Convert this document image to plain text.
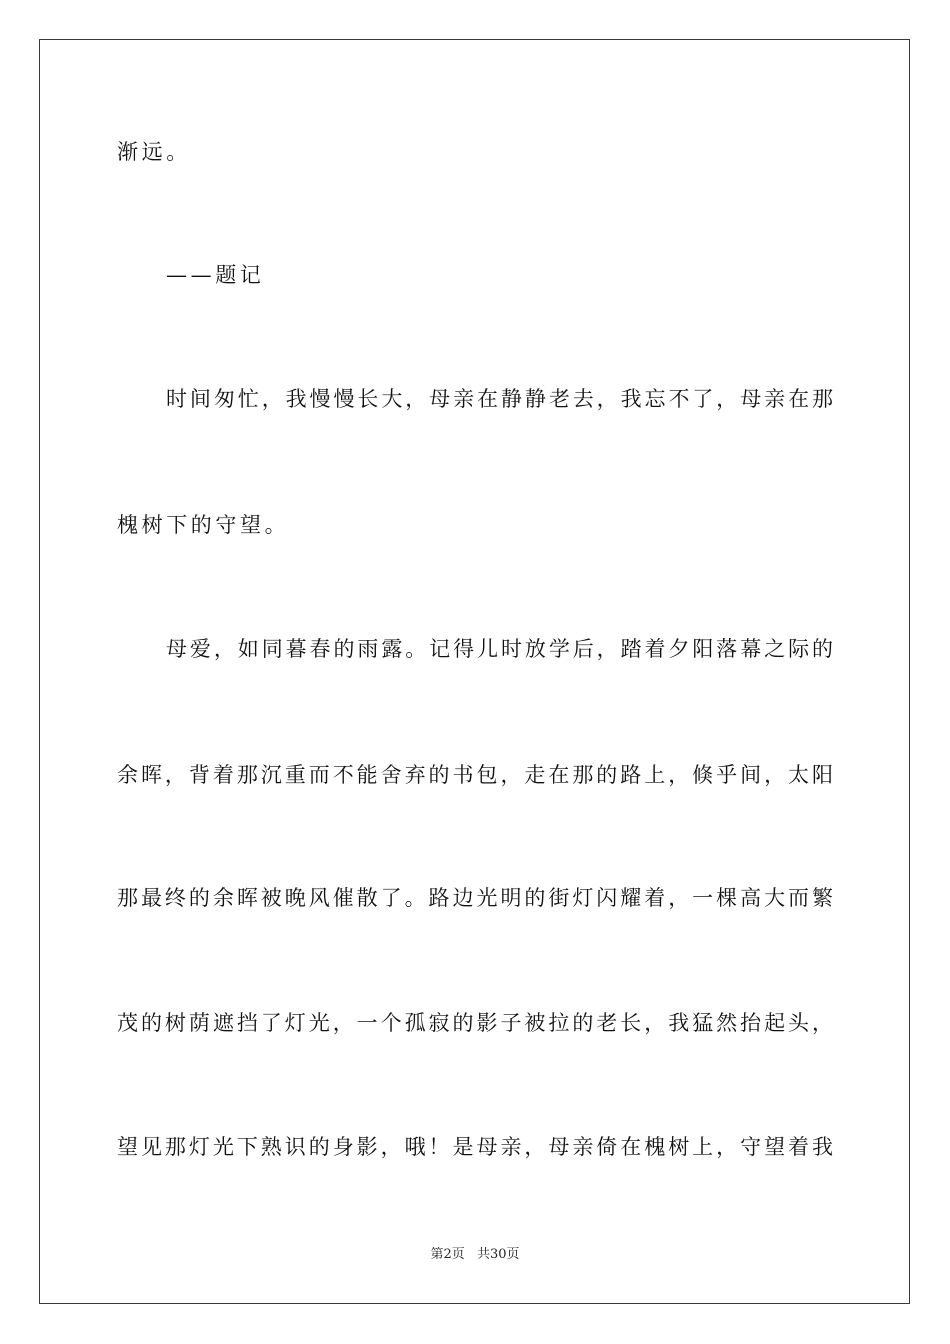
渐远。
——题记
时间匆忙，我慢慢长大，母亲在静静老去，我忘不了，母亲在那
槐树下的守望。
母爱，如同暮春的雨露。记得儿时放学后，踏着夕阳落幕之际的
余晖，背着那沉重而不能舍弃的书包，走在那的路上，倏乎间，太阳
那最终的余晖被晚风催散了。路边光明的街灯闪耀着，一棵高大而繁
茂的树荫遮挡了灯光，一个孤寂的影子被拉的老长，我猛然抬起头，
望见那灯光下熟识的身影，哦！是母亲，母亲倚在槐树上，守望着我
第2页 共30页
